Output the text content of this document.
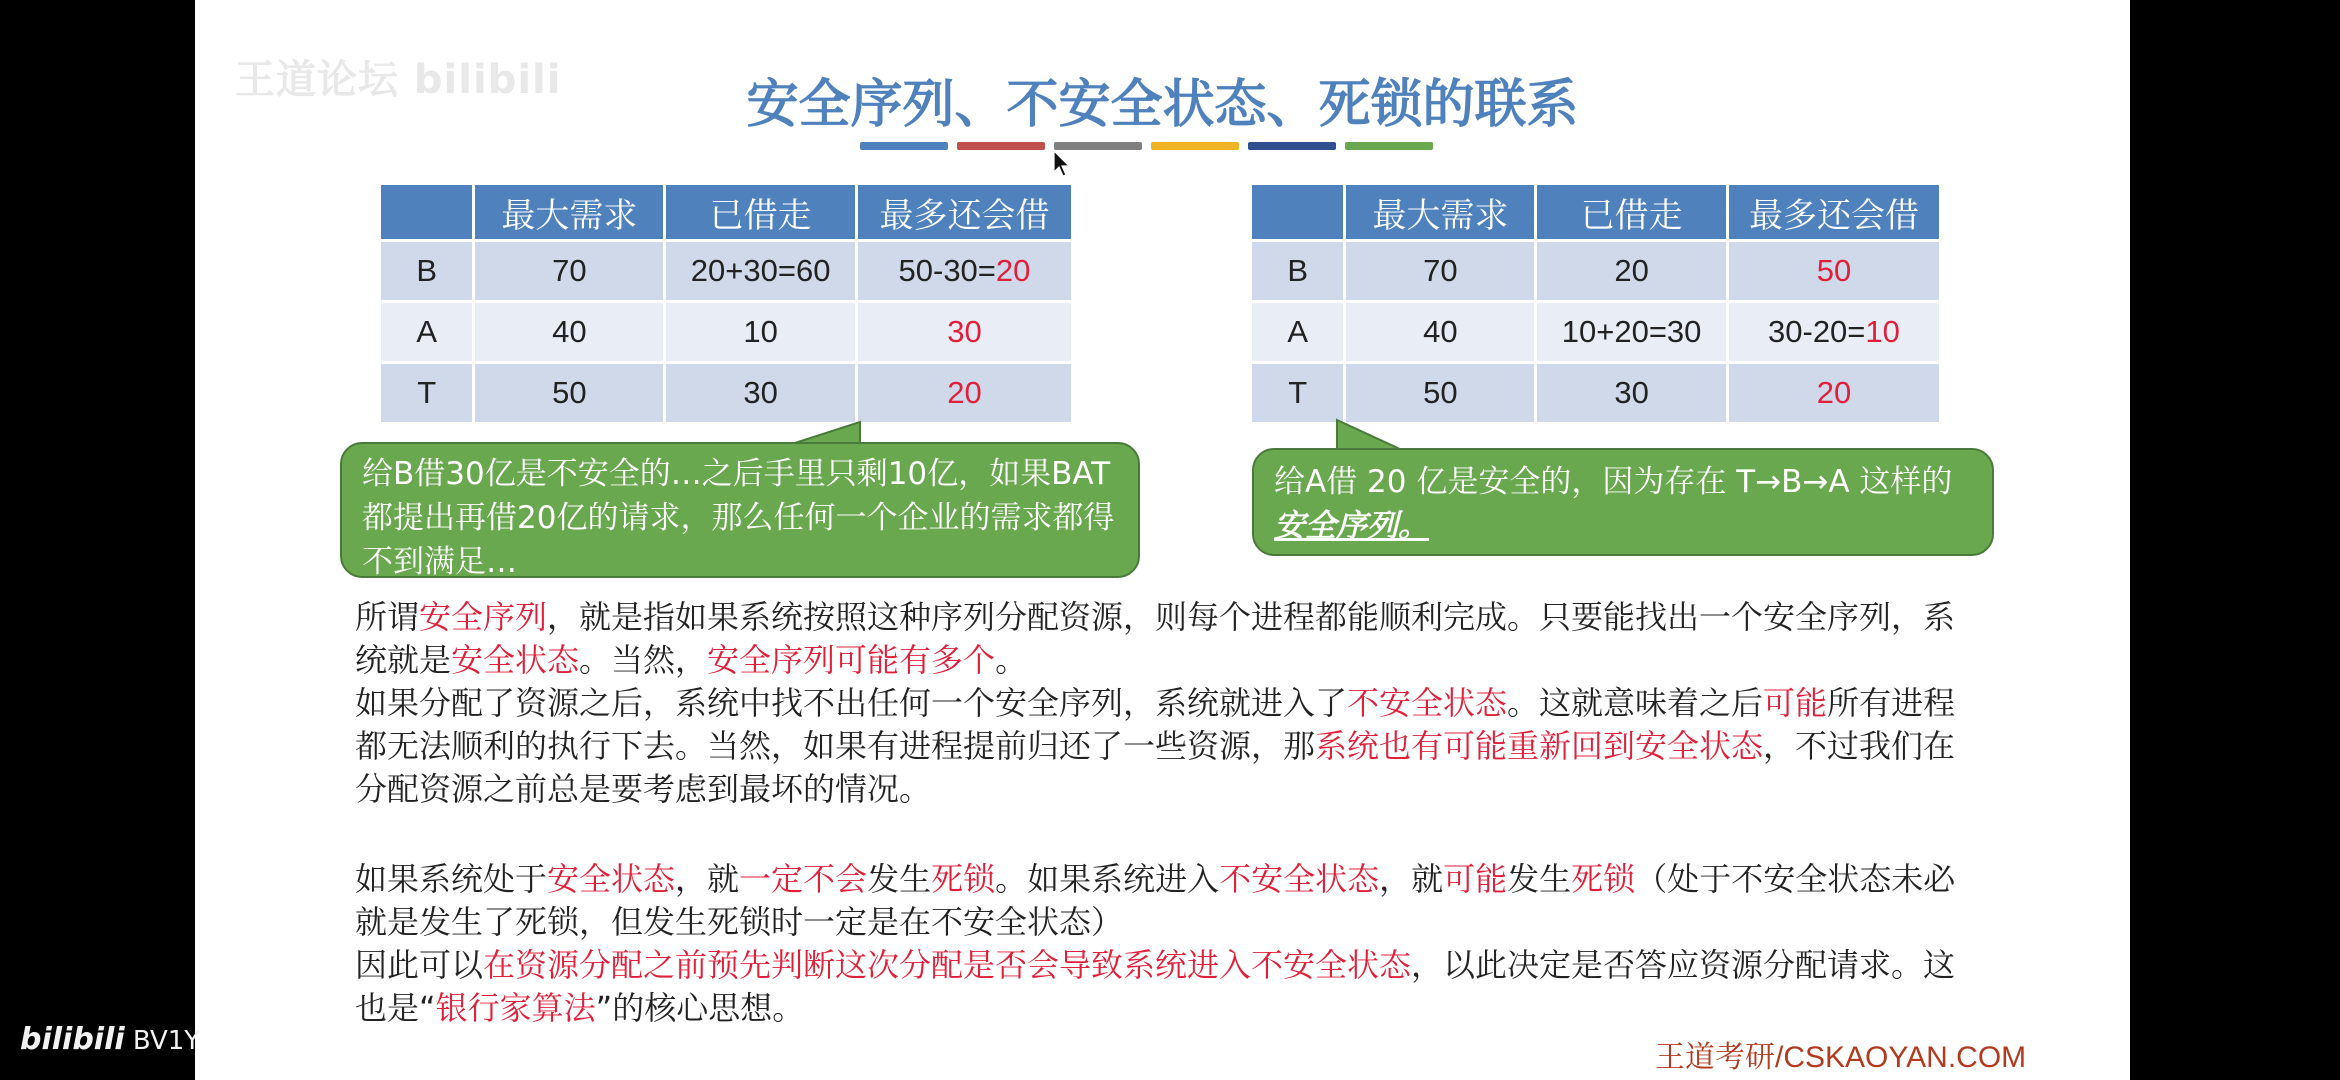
王道论坛 bilibili	安全序列、不安全状态、死锁的联系
	最大需求	已借走	最多还会借
B	70	20+30=60	50-30=20
A	40	10	30
T	50	30	20
	最大需求	已借走	最多还会借
B	70	20	50
A	40	10+20=30	30-20=10
T	50	30	20
给B借30亿是不安全的…之后手里只剩10亿，如果BAT都提出再借20亿的请求，那么任何一个企业的需求都得不到满足…
给A借 20 亿是安全的，因为存在 T→B→A 这样的安全序列。

所谓安全序列，就是指如果系统按照这种序列分配资源，则每个进程都能顺利完成。只要能找出一个安全序列，系统就是安全状态。当然，安全序列可能有多个。

如果分配了资源之后，系统中找不出任何一个安全序列，系统就进入了不安全状态。这就意味着之后可能所有进程都无法顺利的执行下去。当然，如果有进程提前归还了一些资源，那系统也有可能重新回到安全状态，不过我们在分配资源之前总是要考虑到最坏的情况。

如果系统处于安全状态，就一定不会发生死锁。如果系统进入不安全状态，就可能发生死锁（处于不安全状态未必就是发生了死锁，但发生死锁时一定是在不安全状态）

因此可以在资源分配之前预先判断这次分配是否会导致系统进入不安全状态，以此决定是否答应资源分配请求。这也是“银行家算法”的核心思想。

王道考研/CSKAOYAN.COM
bilibili BV1Y
